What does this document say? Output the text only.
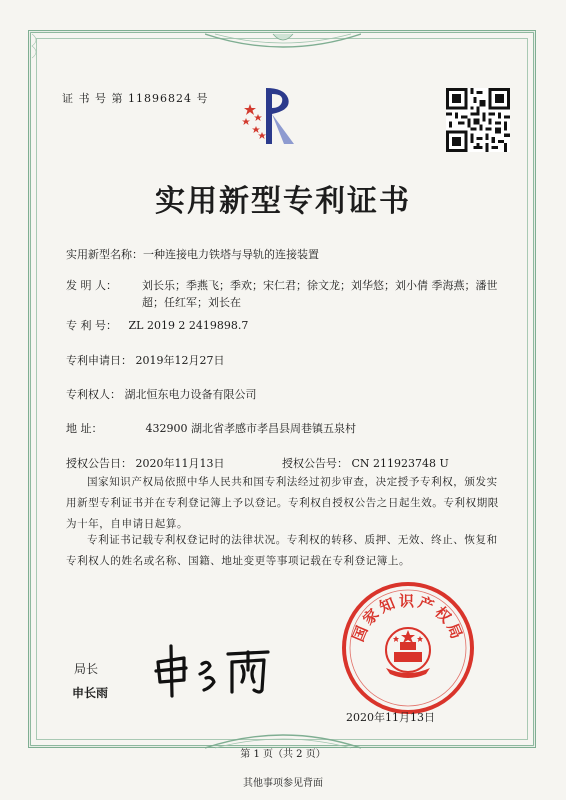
证 书 号 第 11896824 号
实用新型专利证书
实用新型名称：一种连接电力铁塔与导轨的连接装置
发 明 人： 刘长乐；季燕飞；季欢；宋仁君；徐文龙；刘华悠；刘小倩 季海燕；潘世超；任红军；刘长在
专 利 号： ZL 2019 2 2419898.7
专利申请日： 2019年12月27日
专利权人： 湖北恒东电力设备有限公司
地 址：	432900 湖北省孝感市孝昌县周巷镇五泉村
授权公告日： 2020年11月13日	授权公告号： CN 211923748 U
国家知识产权局依照中华人民共和国专利法经过初步审查，决定授予专利权，颁发实用新型专利证书并在专利登记簿上予以登记。专利权自授权公告之日起生效。专利权期限为十年，自申请日起算。
专利证书记载专利权登记时的法律状况。专利权的转移、质押、无效、终止、恢复和专利权人的姓名或名称、国籍、地址变更等事项记载在专利登记簿上。
局长
申长雨
国家知识产权局
2020年11月13日
第 1 页（共 2 页）
其他事项参见背面
